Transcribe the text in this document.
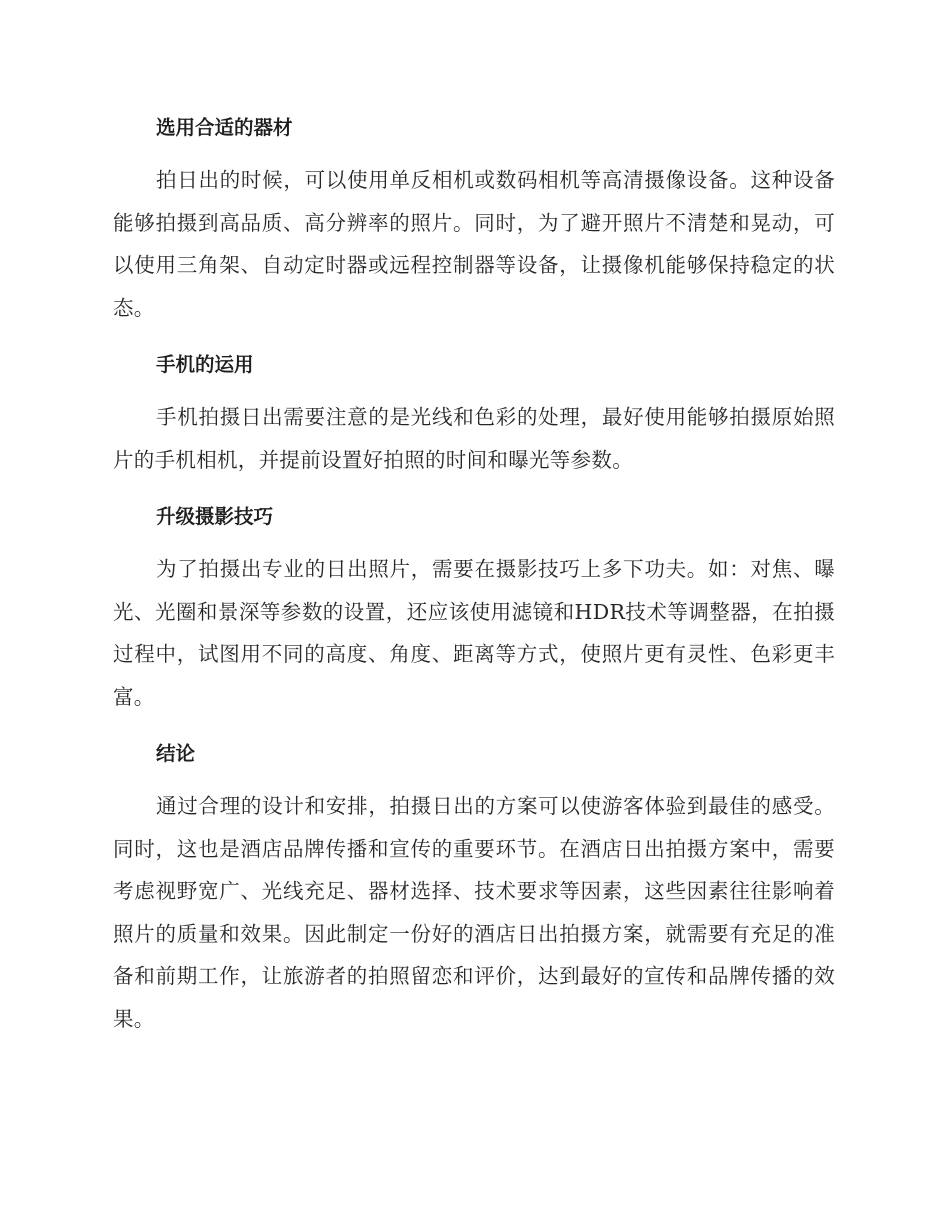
选用合适的器材

拍日出的时候，可以使用单反相机或数码相机等高清摄像设备。这种设备能够拍摄到高品质、高分辨率的照片。同时，为了避开照片不清楚和晃动，可以使用三角架、自动定时器或远程控制器等设备，让摄像机能够保持稳定的状态。

手机的运用

手机拍摄日出需要注意的是光线和色彩的处理，最好使用能够拍摄原始照片的手机相机，并提前设置好拍照的时间和曝光等参数。

升级摄影技巧

为了拍摄出专业的日出照片，需要在摄影技巧上多下功夫。如：对焦、曝光、光圈和景深等参数的设置，还应该使用滤镜和HDR技术等调整器，在拍摄过程中，试图用不同的高度、角度、距离等方式，使照片更有灵性、色彩更丰富。

结论

通过合理的设计和安排，拍摄日出的方案可以使游客体验到最佳的感受。同时，这也是酒店品牌传播和宣传的重要环节。在酒店日出拍摄方案中，需要考虑视野宽广、光线充足、器材选择、技术要求等因素，这些因素往往影响着照片的质量和效果。因此制定一份好的酒店日出拍摄方案，就需要有充足的准备和前期工作，让旅游者的拍照留恋和评价，达到最好的宣传和品牌传播的效果。
